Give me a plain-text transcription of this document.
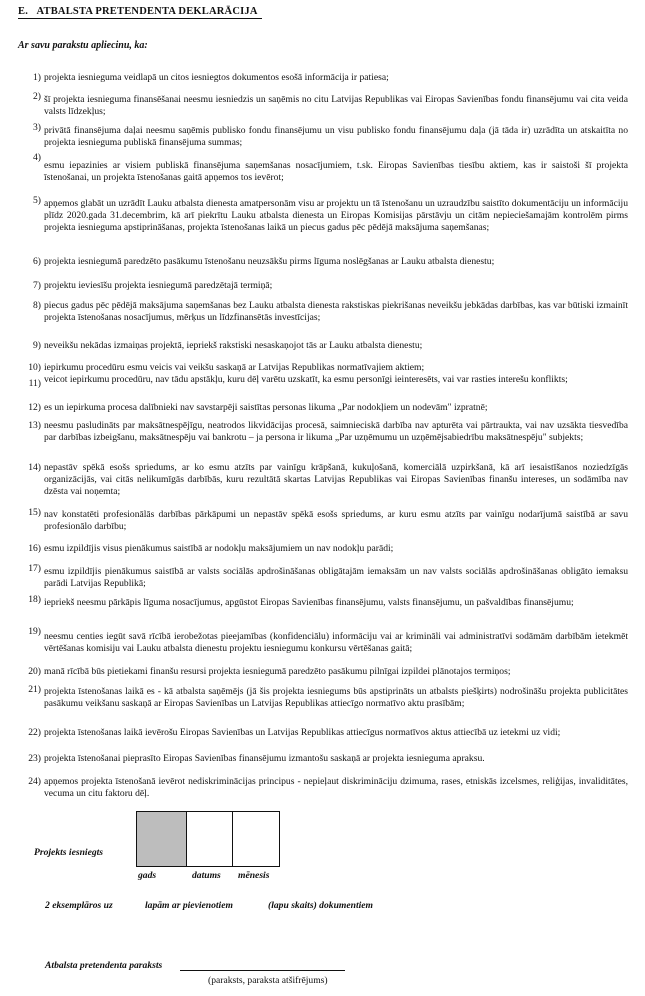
E. ATBALSTA PRETENDENTA DEKLARĀCIJA
Ar savu parakstu apliecinu, ka:
1) projekta iesnieguma veidlapā un citos iesniegtos dokumentos esošā informācija ir patiesa;
2) šī projekta iesnieguma finansēšanai neesmu iesniedzis un saņēmis no citu Latvijas Republikas vai Eiropas Savienības fondu finansējumu vai cita veida valsts līdzekļus;
3) privātā finansējuma daļai neesmu saņēmis publisko fondu finansējumu un visu publisko fondu finansējumu daļa (jā tāda ir) uzrādīta un atskaitīta no projekta iesnieguma publiskā finansējuma summas;
4)
esmu iepazinies ar visiem publiskā finansējuma saņemšanas nosacījumiem, t.sk. Eiropas Savienības tiesību aktiem, kas ir saistoši šī projekta īstenošanai, un projekta īstenošanas gaitā apņemos tos ievērot;
5) apņemos glabāt un uzrādīt Lauku atbalsta dienesta amatpersonām visu ar projektu un tā īstenošanu un uzraudzību saistīto dokumentāciju un informāciju plīdz 2020.gada 31.decembrim, kā arī piekrītu Lauku atbalsta dienesta un Eiropas Komisijas pārstāvju un citām nepieciešamajām kontrolēm pirms projekta iesnieguma apstiprināšanas, projekta īstenošanas laikā un piecus gadus pēc pēdējā maksājuma saņemšanas;
6) projekta iesniegumā paredzēto pasākumu īstenošanu neuzsākšu pirms līguma noslēgšanas ar Lauku atbalsta dienestu;
7) projektu ieviesīšu projekta iesniegumā paredzētajā termiņā;
8) piecus gadus pēc pēdējā maksājuma saņemšanas bez Lauku atbalsta dienesta rakstiskas piekrišanas neveikšu jebkādas darbības, kas var būtiski izmainīt projekta īstenošanas nosacījumus, mērķus un līdzfinansētās investīcijas;
9) neveikšu nekādas izmaiņas projektā, iepriekš rakstiski nesaskaņojot tās ar Lauku atbalsta dienestu;
10) iepirkumu procedūru esmu veicis vai veikšu saskaņā ar Latvijas Republikas normatīvajiem aktiem;
11) veicot iepirkumu procedūru, nav tādu apstākļu, kuru dēļ varētu uzskatīt, ka esmu personīgi ieinteresēts, vai var rasties interešu konflikts;
12) es un iepirkuma procesa dalībnieki nav savstarpēji saistītas personas likuma „Par nodokļiem un nodevām" izpratnē;
13) neesmu pasludināts par maksātnespējīgu, neatrodos likvidācijas procesā, saimnieciskā darbība nav apturēta vai pārtraukta, vai nav uzsākta tiesvedība par darbības izbeigšanu, maksātnespēju vai bankrotu – ja persona ir likuma „Par uzņēmumu un uzņēmējsabiedrību maksātnespēju" subjekts;
14) nepastāv spēkā esošs spriedums, ar ko esmu atzīts par vainīgu krāpšanā, kukuļošanā, komerciālā uzpirkšanā, kā arī iesaistīšanos noziedzīgās organizācijās, vai citās nelikumīgās darbībās, kuru rezultātā skartas Latvijas Republikas vai Eiropas Savienības finanšu intereses, un sodāmība nav dzēsta vai noņemta;
15) nav konstatēti profesionālās darbības pārkāpumi un nepastāv spēkā esošs spriedums, ar kuru esmu atzīts par vainīgu nodarījumā saistībā ar savu profesionālo darbību;
16) esmu izpildījis visus pienākumus saistībā ar nodokļu maksājumiem un nav nodokļu parādi;
17) esmu izpildījis pienākumus saistībā ar valsts sociālās apdrošināšanas obligātajām iemaksām un nav valsts sociālās apdrošināšanas obligāto iemaksu parādi Latvijas Republikā;
18) iepriekš neesmu pārkāpis līguma nosacījumus, apgūstot Eiropas Savienības finansējumu, valsts finansējumu, un pašvaldības finansējumu;
19) neesmu centies iegūt savā rīcībā ierobežotas pieejamības (konfidenciālu) informāciju vai ar krimināli vai administratīvi sodāmām darbībām ietekmēt vērtēšanas komisiju vai Lauku atbalsta dienestu projektu iesniegumu konkursu vērtēšanas gaitā;
20) manā rīcībā būs pietiekami finanšu resursi projekta iesniegumā paredzēto pasākumu pilnīgai izpildei plānotajos termiņos;
21) projekta īstenošanas laikā es - kā atbalsta saņēmējs (jā šis projekta iesniegums būs apstiprināts un atbalsts piešķirts) nodrošināšu projekta publicitātes pasākumu veikšanu saskaņā ar Eiropas Savienības un Latvijas Republikas attiecīgo normatīvo aktu prasībām;
22) projekta īstenošanas laikā ievērošu Eiropas Savienības un Latvijas Republikas attiecīgus normatīvos aktus attiecībā uz ietekmi uz vidi;
23) projekta īstenošanai pieprasīto Eiropas Savienības finansējumu izmantošu saskaņā ar projekta iesnieguma apraksu.
24) apņemos projekta īstenošanā ievērot nediskriminācijas principus - nepieļaut diskrimināciju dzimuma, rases, etniskās izcelsmes, reliģijas, invaliditātes, vecuma un citu faktoru dēļ.
Projekts iesniegts
gads	datums mēnesis
2 eksemplāros uz	lapām ar pievienotiem	(lapu skaits) dokumentiem
Atbalsta pretendenta paraksts
(paraksts, paraksta atšifrējums)
